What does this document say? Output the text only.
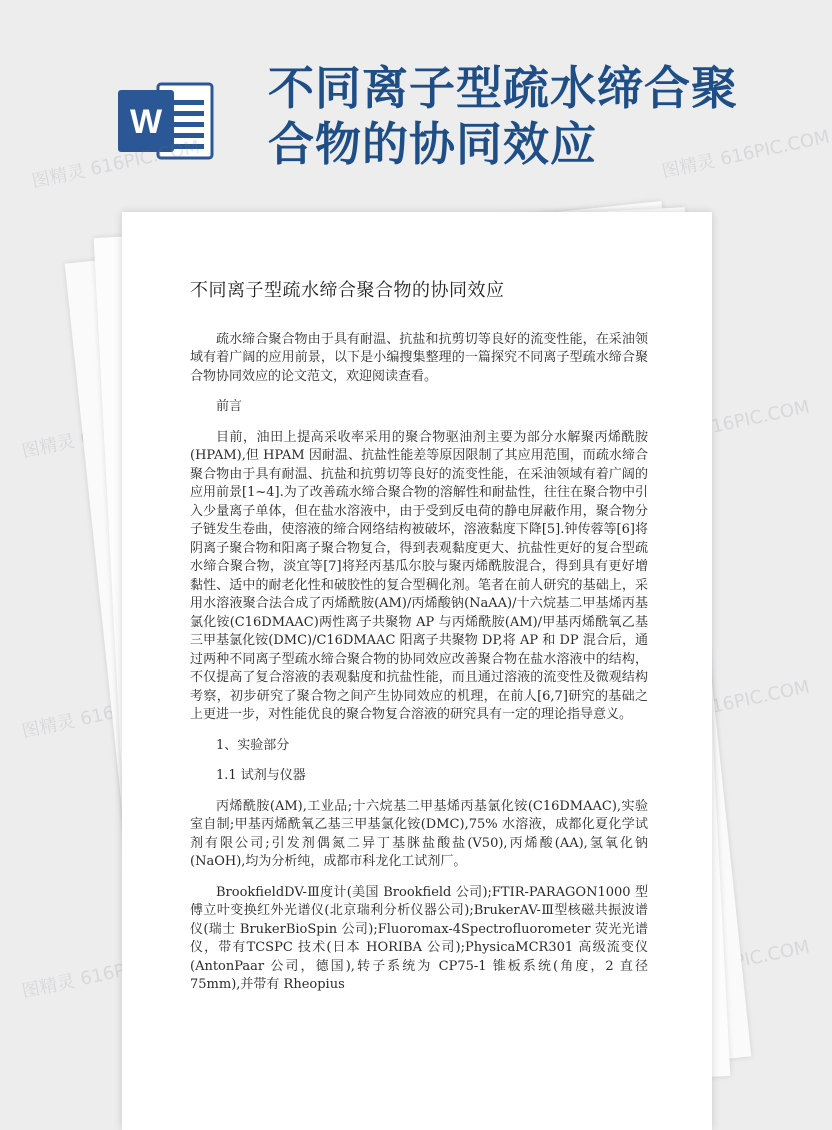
W
不同离子型疏水缔合聚合物的协同效应
图精灵 616PIC.COM	图精灵 616PIC.COM
图精灵	图精灵 616PIC.COM
图精灵 616PIC.COM	图精灵 616PIC.COM
图精灵 616PIC.COM	616PIC.COM
不同离子型疏水缔合聚合物的协同效应

疏水缔合聚合物由于具有耐温、抗盐和抗剪切等良好的流变性能，在采油领域有着广阔的应用前景，以下是小编搜集整理的一篇探究不同离子型疏水缔合聚合物协同效应的论文范文，欢迎阅读查看。

前言

目前，油田上提高采收率采用的聚合物驱油剂主要为部分水解聚丙烯酰胺(HPAM),但 HPAM 因耐温、抗盐性能差等原因限制了其应用范围，而疏水缔合聚合物由于具有耐温、抗盐和抗剪切等良好的流变性能，在采油领域有着广阔的应用前景[1~4].为了改善疏水缔合聚合物的溶解性和耐盐性，往往在聚合物中引入少量离子单体，但在盐水溶液中，由于受到反电荷的静电屏蔽作用，聚合物分子链发生卷曲，使溶液的缔合网络结构被破坏，溶液黏度下降[5].钟传蓉等[6]将阴离子聚合物和阳离子聚合物复合，得到表观黏度更大、抗盐性更好的复合型疏水缔合聚合物，淡宜等[7]将羟丙基瓜尔胶与聚丙烯酰胺混合，得到具有更好增黏性、适中的耐老化性和破胶性的复合型稠化剂。笔者在前人研究的基础上，采用水溶液聚合法合成了丙烯酰胺(AM)/丙烯酸钠(NaAA)/十六烷基二甲基烯丙基氯化铵(C16DMAAC)两性离子共聚物 AP 与丙烯酰胺(AM)/甲基丙烯酰氧乙基三甲基氯化铵(DMC)/C16DMAAC 阳离子共聚物 DP,将 AP 和 DP 混合后，通过两种不同离子型疏水缔合聚合物的协同效应改善聚合物在盐水溶液中的结构，不仅提高了复合溶液的表观黏度和抗盐性能，而且通过溶液的流变性及微观结构考察，初步研究了聚合物之间产生协同效应的机理，在前人[6,7]研究的基础之上更进一步，对性能优良的聚合物复合溶液的研究具有一定的理论指导意义。

1、实验部分

1.1 试剂与仪器

丙烯酰胺(AM),工业品;十六烷基二甲基烯丙基氯化铵(C16DMAAC),实验室自制;甲基丙烯酰氧乙基三甲基氯化铵(DMC),75% 水溶液，成都化夏化学试剂有限公司;引发剂偶氮二异丁基脒盐酸盐(V50),丙烯酸(AA),氢氧化钠(NaOH),均为分析纯，成都市科龙化工试剂厂。

BrookfieldDV-Ⅲ度计(美国 Brookfield 公司);FTIR-PARAGON1000 型傅立叶变换红外光谱仪(北京瑞利分析仪器公司);BrukerAV-Ⅲ型核磁共振波谱仪(瑞士 BrukerBioSpin 公司);Fluoromax-4Spectrofluorometer 荧光光谱仪，带有TCSPC 技术(日本 HORIBA 公司);PhysicaMCR301 高级流变仪(AntonPaar 公司，德国),转子系统为 CP75-1 锥板系统(角度，2 直径 75mm),并带有 Rheopius
